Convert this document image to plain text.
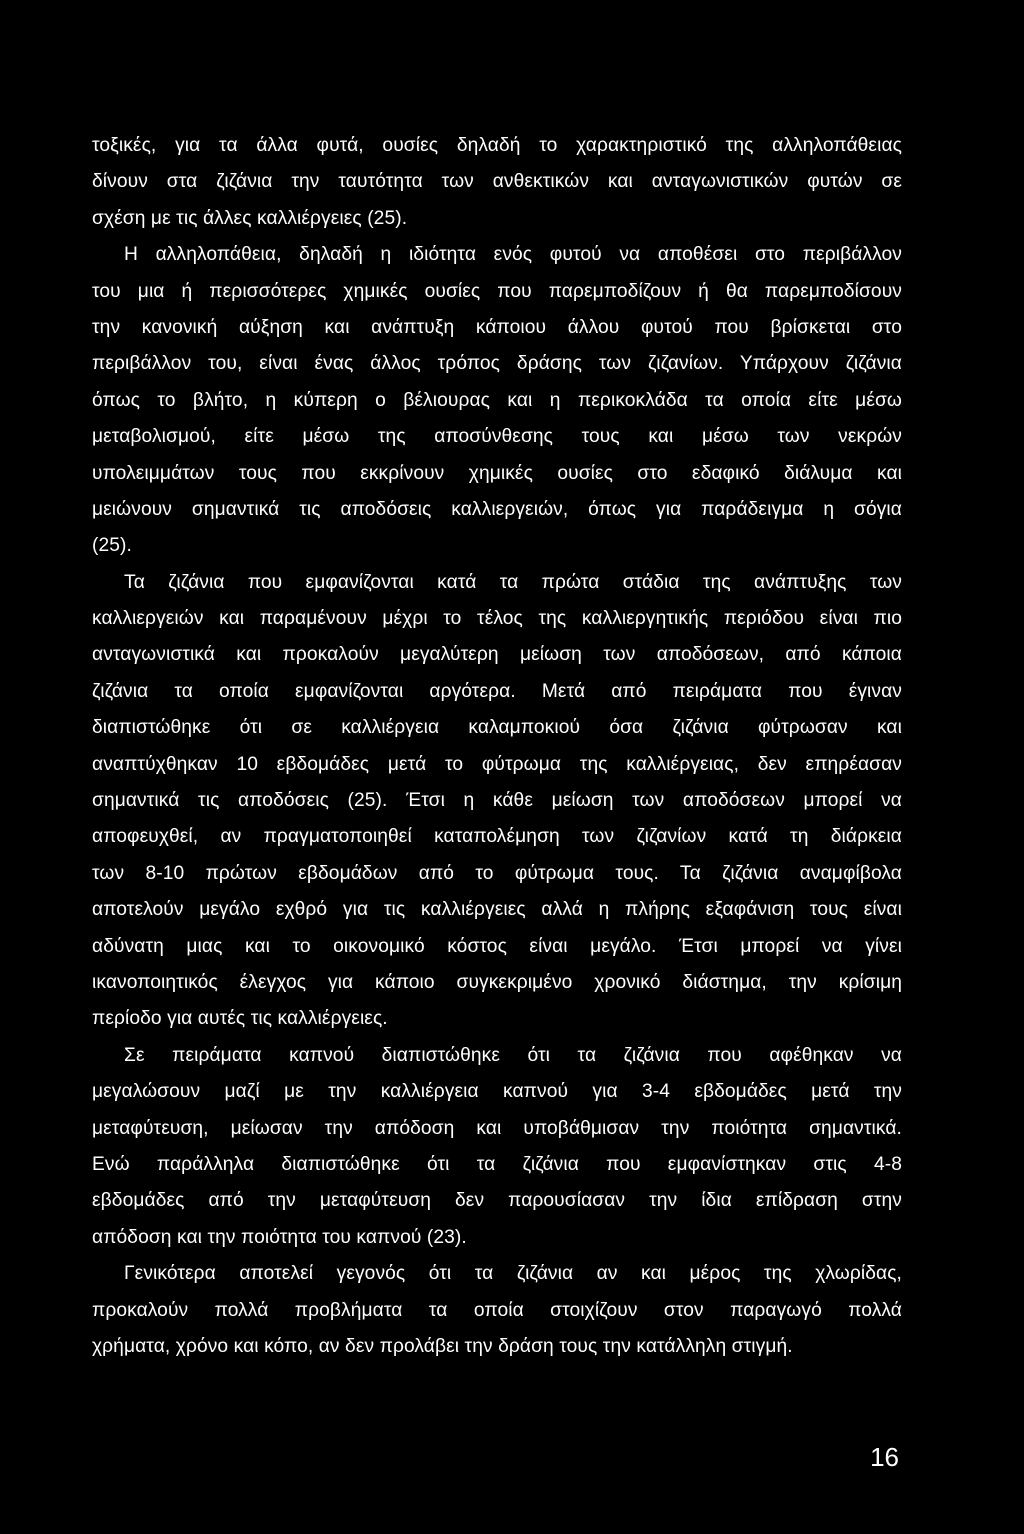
τοξικές, για τα άλλα φυτά, ουσίες δηλαδή το χαρακτηριστικό της αλληλοπάθειας
δίνουν στα ζιζάνια την ταυτότητα των ανθεκτικών και ανταγωνιστικών φυτών σε
σχέση με τις άλλες καλλιέργειες (25).
Η αλληλοπάθεια, δηλαδή η ιδιότητα ενός φυτού να αποθέσει στο περιβάλλον
του μια ή περισσότερες χημικές ουσίες που παρεμποδίζουν ή θα παρεμποδίσουν
την κανονική αύξηση και ανάπτυξη κάποιου άλλου φυτού που βρίσκεται στο
περιβάλλον του, είναι ένας άλλος τρόπος δράσης των ζιζανίων. Υπάρχουν ζιζάνια
όπως το βλήτο, η κύπερη ο βέλιουρας και η περικοκλάδα τα οποία είτε μέσω
μεταβολισμού, είτε μέσω της αποσύνθεσης τους και μέσω των νεκρών
υπολειμμάτων τους που εκκρίνουν χημικές ουσίες στο εδαφικό διάλυμα και
μειώνουν σημαντικά τις αποδόσεις καλλιεργειών, όπως για παράδειγμα η σόγια
(25).
Τα ζιζάνια που εμφανίζονται κατά τα πρώτα στάδια της ανάπτυξης των
καλλιεργειών και παραμένουν μέχρι το τέλος της καλλιεργητικής περιόδου είναι πιο
ανταγωνιστικά και προκαλούν μεγαλύτερη μείωση των αποδόσεων, από κάποια
ζιζάνια τα οποία εμφανίζονται αργότερα. Μετά από πειράματα που έγιναν
διαπιστώθηκε ότι σε καλλιέργεια καλαμποκιού όσα ζιζάνια φύτρωσαν και
αναπτύχθηκαν 10 εβδομάδες μετά το φύτρωμα της καλλιέργειας, δεν επηρέασαν
σημαντικά τις αποδόσεις (25). Έτσι η κάθε μείωση των αποδόσεων μπορεί να
αποφευχθεί, αν πραγματοποιηθεί καταπολέμηση των ζιζανίων κατά τη διάρκεια
των 8-10 πρώτων εβδομάδων από το φύτρωμα τους. Τα ζιζάνια αναμφίβολα
αποτελούν μεγάλο εχθρό για τις καλλιέργειες αλλά η πλήρης εξαφάνιση τους είναι
αδύνατη μιας και το οικονομικό κόστος είναι μεγάλο. Έτσι μπορεί να γίνει
ικανοποιητικός έλεγχος για κάποιο συγκεκριμένο χρονικό διάστημα, την κρίσιμη
περίοδο για αυτές τις καλλιέργειες.
Σε πειράματα καπνού διαπιστώθηκε ότι τα ζιζάνια που αφέθηκαν να
μεγαλώσουν μαζί με την καλλιέργεια καπνού για 3-4 εβδομάδες μετά την
μεταφύτευση, μείωσαν την απόδοση και υποβάθμισαν την ποιότητα σημαντικά.
Ενώ παράλληλα διαπιστώθηκε ότι τα ζιζάνια που εμφανίστηκαν στις 4-8
εβδομάδες από την μεταφύτευση δεν παρουσίασαν την ίδια επίδραση στην
απόδοση και την ποιότητα του καπνού (23).
Γενικότερα αποτελεί γεγονός ότι τα ζιζάνια αν και μέρος της χλωρίδας,
προκαλούν πολλά προβλήματα τα οποία στοιχίζουν στον παραγωγό πολλά
χρήματα, χρόνο και κόπο, αν δεν προλάβει την δράση τους την κατάλληλη στιγμή.
16
